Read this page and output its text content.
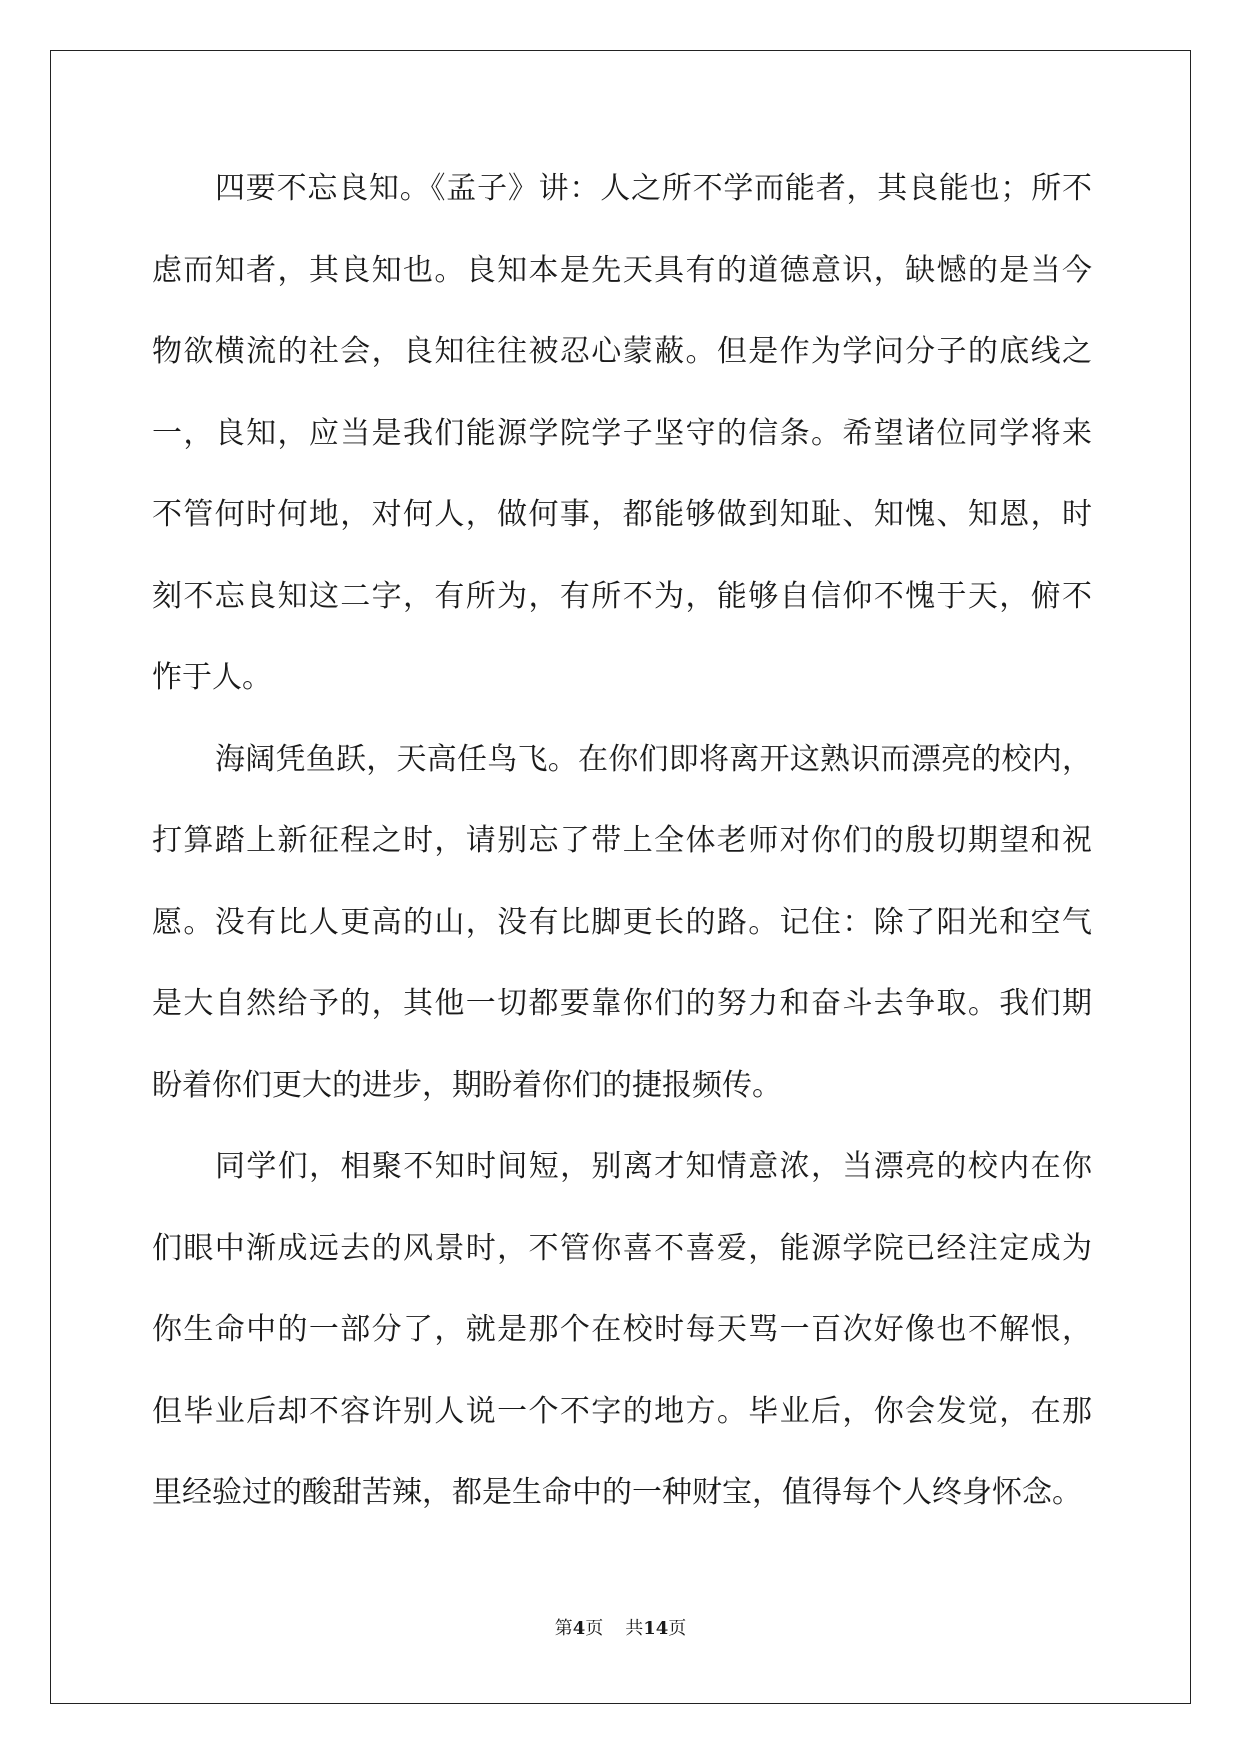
四要不忘良知。《孟子》讲：人之所不学而能者，其良能也；所不
虑而知者，其良知也。良知本是先天具有的道德意识，缺憾的是当今
物欲横流的社会，良知往往被忍心蒙蔽。但是作为学问分子的底线之
一，良知，应当是我们能源学院学子坚守的信条。希望诸位同学将来
不管何时何地，对何人，做何事，都能够做到知耻、知愧、知恩，时
刻不忘良知这二字，有所为，有所不为，能够自信仰不愧于天，俯不
怍于人。
海阔凭鱼跃，天高任鸟飞。在你们即将离开这熟识而漂亮的校内，
打算踏上新征程之时，请别忘了带上全体老师对你们的殷切期望和祝
愿。没有比人更高的山，没有比脚更长的路。记住：除了阳光和空气
是大自然给予的，其他一切都要靠你们的努力和奋斗去争取。我们期
盼着你们更大的进步，期盼着你们的捷报频传。
同学们，相聚不知时间短，别离才知情意浓，当漂亮的校内在你
们眼中渐成远去的风景时，不管你喜不喜爱，能源学院已经注定成为
你生命中的一部分了，就是那个在校时每天骂一百次好像也不解恨，
但毕业后却不容许别人说一个不字的地方。毕业后，你会发觉，在那
里经验过的酸甜苦辣，都是生命中的一种财宝，值得每个人终身怀念。
第4页 共14页
